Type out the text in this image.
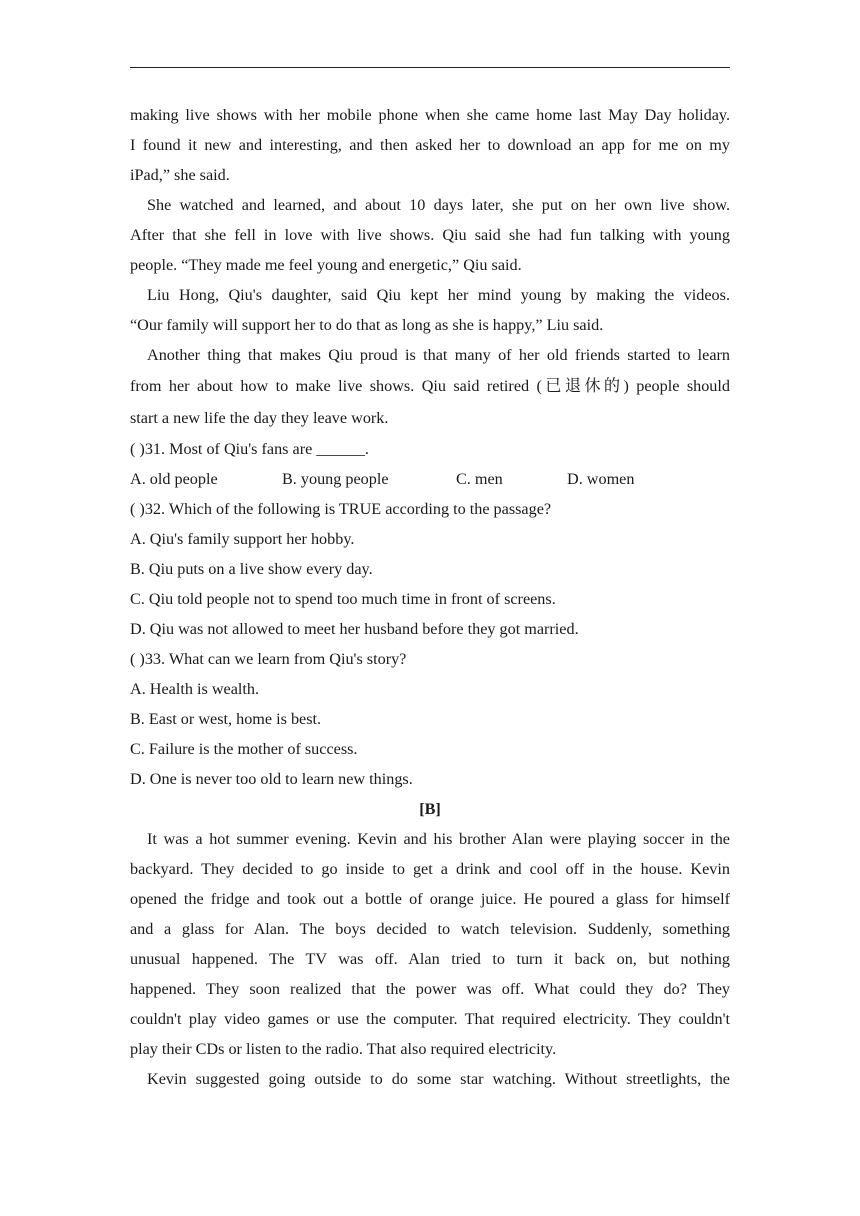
making live shows with her mobile phone when she came home last May Day holiday.
I found it new and interesting, and then asked her to download an app for me on my
iPad,” she said.
She watched and learned, and about 10 days later, she put on her own live show.
After that she fell in love with live shows. Qiu said she had fun talking with young
people. “They made me feel young and energetic,” Qiu said.
Liu Hong, Qiu's daughter, said Qiu kept her mind young by making the videos.
“Our family will support her to do that as long as she is happy,” Liu said.
Another thing that makes Qiu proud is that many of her old friends started to learn
from her about how to make live shows. Qiu said retired (已退休的) people should
start a new life the day they leave work.
( )31. Most of Qiu's fans are ______.
A. old people	B. young people	C. men	D. women
( )32. Which of the following is TRUE according to the passage?
A. Qiu's family support her hobby.
B. Qiu puts on a live show every day.
C. Qiu told people not to spend too much time in front of screens.
D. Qiu was not allowed to meet her husband before they got married.
( )33. What can we learn from Qiu's story?
A. Health is wealth.
B. East or west, home is best.
C. Failure is the mother of success.
D. One is never too old to learn new things.
[B]
It was a hot summer evening. Kevin and his brother Alan were playing soccer in the
backyard. They decided to go inside to get a drink and cool off in the house. Kevin
opened the fridge and took out a bottle of orange juice. He poured a glass for himself
and a glass for Alan. The boys decided to watch television. Suddenly, something
unusual happened. The TV was off. Alan tried to turn it back on, but nothing
happened. They soon realized that the power was off. What could they do? They
couldn't play video games or use the computer. That required electricity. They couldn't
play their CDs or listen to the radio. That also required electricity.
Kevin suggested going outside to do some star watching. Without streetlights, the
